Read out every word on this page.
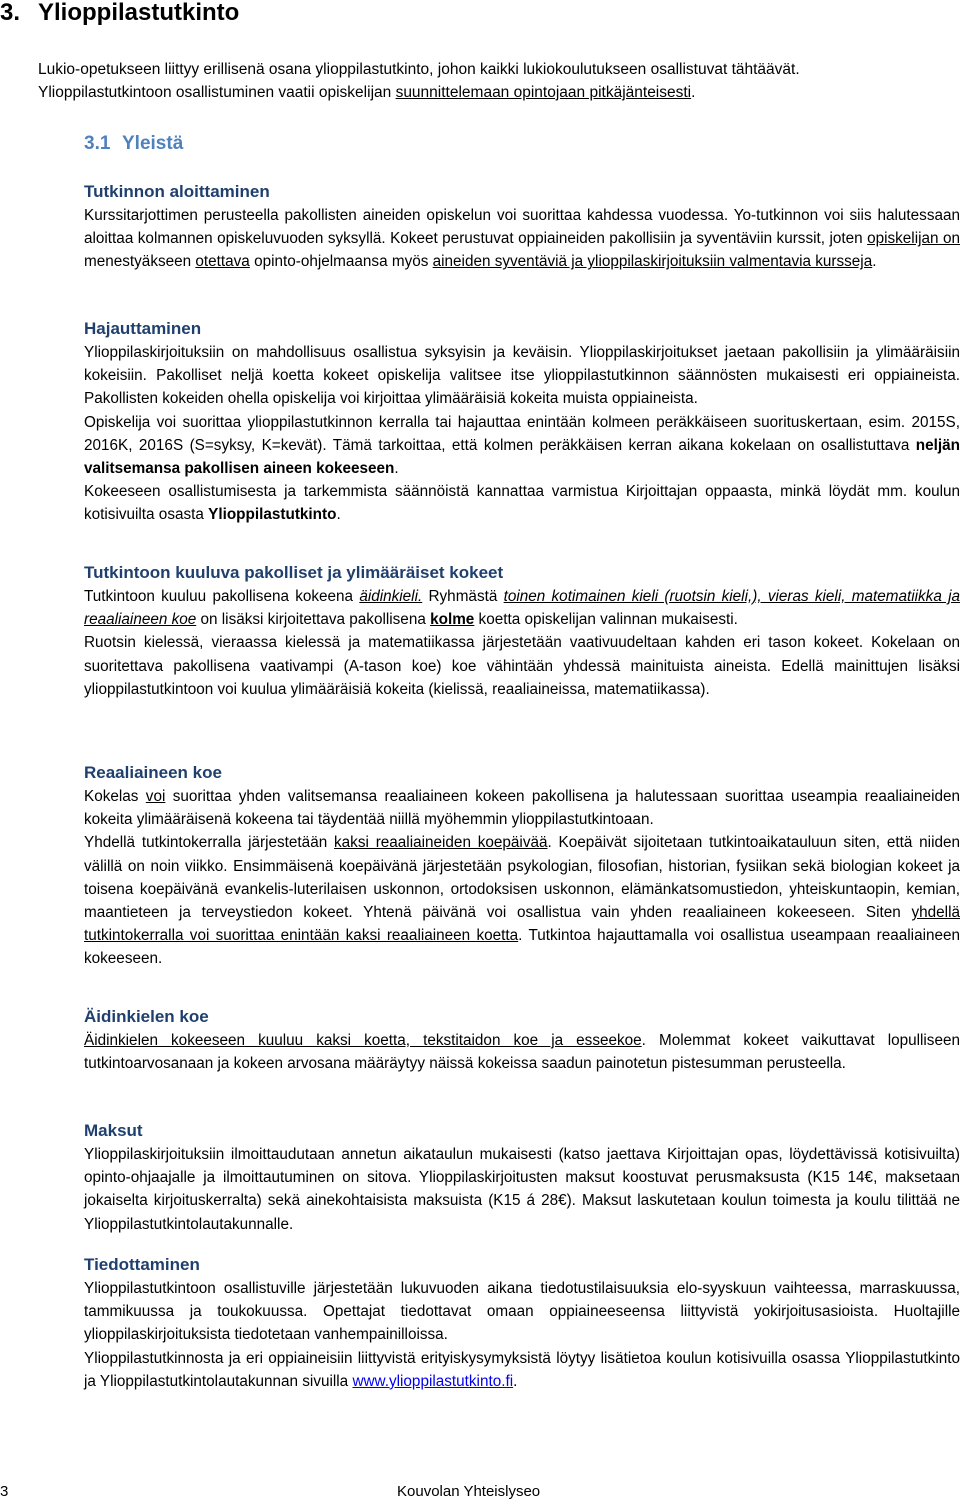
3. Ylioppilastutkinto
Lukio-opetukseen liittyy erillisenä osana ylioppilastutkinto, johon kaikki lukiokoulutukseen osallistuvat tähtäävät.
Ylioppilastutkintoon osallistuminen vaatii opiskelijan suunnittelemaan opintojaan pitkäjänteisesti.
3.1 Yleistä
Tutkinnon aloittaminen

Kurssitarjottimen perusteella pakollisten aineiden opiskelun voi suorittaa kahdessa vuodessa. Yo-tutkinnon voi siis halutessaan aloittaa kolmannen opiskeluvuoden syksyllä. Kokeet perustuvat oppiaineiden pakollisiin ja syventäviin kurssit, joten opiskelijan on menestyäkseen otettava opinto-ohjelmaansa myös aineiden syventäviä ja ylioppilaskirjoituksiin valmentavia kursseja.

Hajauttaminen

Ylioppilaskirjoituksiin on mahdollisuus osallistua syksyisin ja keväisin. Ylioppilaskirjoitukset jaetaan pakollisiin ja ylimääräisiin kokeisiin. Pakolliset neljä koetta kokeet opiskelija valitsee itse ylioppilastutkinnon säännösten mukaisesti eri oppiaineista. Pakollisten kokeiden ohella opiskelija voi kirjoittaa ylimääräisiä kokeita muista oppiaineista.

Opiskelija voi suorittaa ylioppilastutkinnon kerralla tai hajauttaa enintään kolmeen peräkkäiseen suorituskertaan, esim. 2015S, 2016K, 2016S (S=syksy, K=kevät). Tämä tarkoittaa, että kolmen peräkkäisen kerran aikana kokelaan on osallistuttava neljän valitsemansa pakollisen aineen kokeeseen.

Kokeeseen osallistumisesta ja tarkemmista säännöistä kannattaa varmistua Kirjoittajan oppaasta, minkä löydät mm. koulun kotisivuilta osasta Ylioppilastutkinto.

Tutkintoon kuuluva pakolliset ja ylimääräiset kokeet

Tutkintoon kuuluu pakollisena kokeena äidinkieli. Ryhmästä toinen kotimainen kieli (ruotsin kieli,), vieras kieli, matematiikka ja reaaliaineen koe on lisäksi kirjoitettava pakollisena kolme koetta opiskelijan valinnan mukaisesti.

Ruotsin kielessä, vieraassa kielessä ja matematiikassa järjestetään vaativuudeltaan kahden eri tason kokeet. Kokelaan on suoritettava pakollisena vaativampi (A-tason koe) koe vähintään yhdessä mainituista aineista. Edellä mainittujen lisäksi ylioppilastutkintoon voi kuulua ylimääräisiä kokeita (kielissä, reaaliaineissa, matematiikassa).

Reaaliaineen koe

Kokelas voi suorittaa yhden valitsemansa reaaliaineen kokeen pakollisena ja halutessaan suorittaa useampia reaaliaineiden kokeita ylimääräisenä kokeena tai täydentää niillä myöhemmin ylioppilastutkintoaan.

Yhdellä tutkintokerralla järjestetään kaksi reaaliaineiden koepäivää. Koepäivät sijoitetaan tutkintoaikatauluun siten, että niiden välillä on noin viikko. Ensimmäisenä koepäivänä järjestetään psykologian, filosofian, historian, fysiikan sekä biologian kokeet ja toisena koepäivänä evankelis-luterilaisen uskonnon, ortodoksisen uskonnon, elämänkatsomustiedon, yhteiskuntaopin, kemian, maantieteen ja terveystiedon kokeet. Yhtenä päivänä voi osallistua vain yhden reaaliaineen kokeeseen. Siten yhdellä tutkintokerralla voi suorittaa enintään kaksi reaaliaineen koetta. Tutkintoa hajauttamalla voi osallistua useampaan reaaliaineen kokeeseen.

Äidinkielen koe

Äidinkielen kokeeseen kuuluu kaksi koetta, tekstitaidon koe ja esseekoe. Molemmat kokeet vaikuttavat lopulliseen tutkintoarvosanaan ja kokeen arvosana määräytyy näissä kokeissa saadun painotetun pistesumman perusteella.

Maksut

Ylioppilaskirjoituksiin ilmoittaudutaan annetun aikataulun mukaisesti (katso jaettava Kirjoittajan opas, löydettävissä kotisivuilta) opinto-ohjaajalle ja ilmoittautuminen on sitova. Ylioppilaskirjoitusten maksut koostuvat perusmaksusta (K15 14€, maksetaan jokaiselta kirjoituskerralta) sekä ainekohtaisista maksuista (K15 á 28€). Maksut laskutetaan koulun toimesta ja koulu tilittää ne Ylioppilastutkintolautakunnalle.

Tiedottaminen

Ylioppilastutkintoon osallistuville järjestetään lukuvuoden aikana tiedotustilaisuuksia elo-syyskuun vaihteessa, marraskuussa, tammikuussa ja toukokuussa. Opettajat tiedottavat omaan oppiaineeseensa liittyvistä yokirjoitusasioista. Huoltajille ylioppilaskirjoituksista tiedotetaan vanhempainilloissa.

Ylioppilastutkinnosta ja eri oppiaineisiin liittyvistä erityiskysymyksistä löytyy lisätietoa koulun kotisivuilla osassa Ylioppilastutkinto ja Ylioppilastutkintolautakunnan sivuilla www.ylioppilastutkinto.fi.

3	Kouvolan Yhteislyseo
